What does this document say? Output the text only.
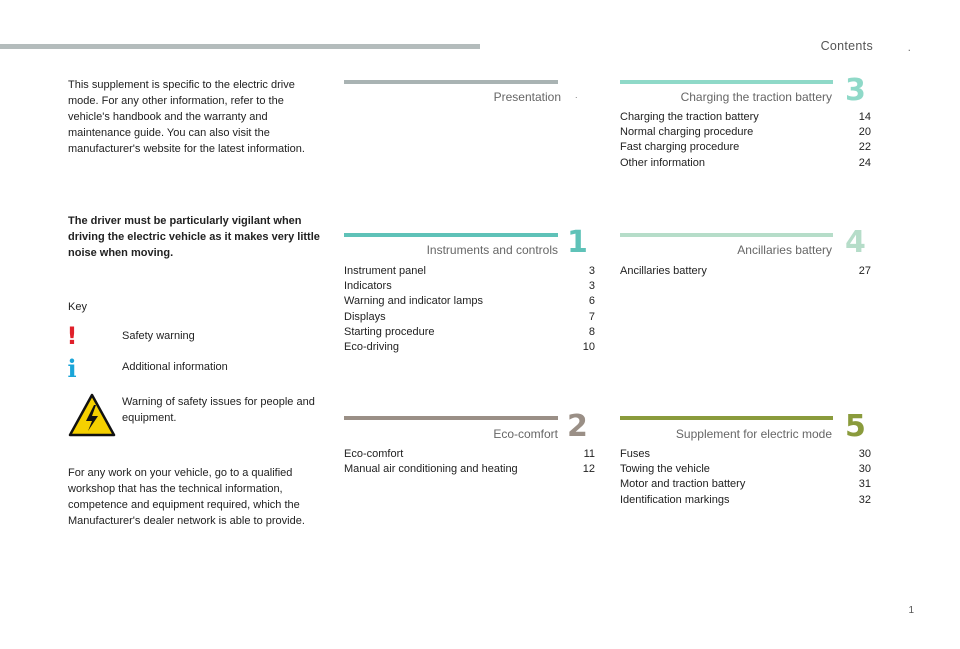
Contents	.
This supplement is specific to the electric drive mode. For any other information, refer to the vehicle's handbook and the warranty and maintenance guide. You can also visit the manufacturer's website for the latest information.
The driver must be particularly vigilant when driving the electric vehicle as it makes very little noise when moving.
Key
!	Safety warning
i	Additional information
Warning of safety issues for people and equipment.
For any work on your vehicle, go to a qualified workshop that has the technical information, competence and equipment required, which the Manufacturer's dealer network is able to provide.
Presentation .
Instruments and controls 1
Instrument panel	3
Indicators	3
Warning and indicator lamps	6
Displays	7
Starting procedure	8
Eco-driving	10
Eco-comfort 2
Eco-comfort	11
Manual air conditioning and heating	12
Charging the traction battery 3
Charging the traction battery	14
Normal charging procedure	20
Fast charging procedure	22
Other information	24
Ancillaries battery 4
Ancillaries battery	27
Supplement for electric mode 5
Fuses	30
Towing the vehicle	30
Motor and traction battery	31
Identification markings	32
1
